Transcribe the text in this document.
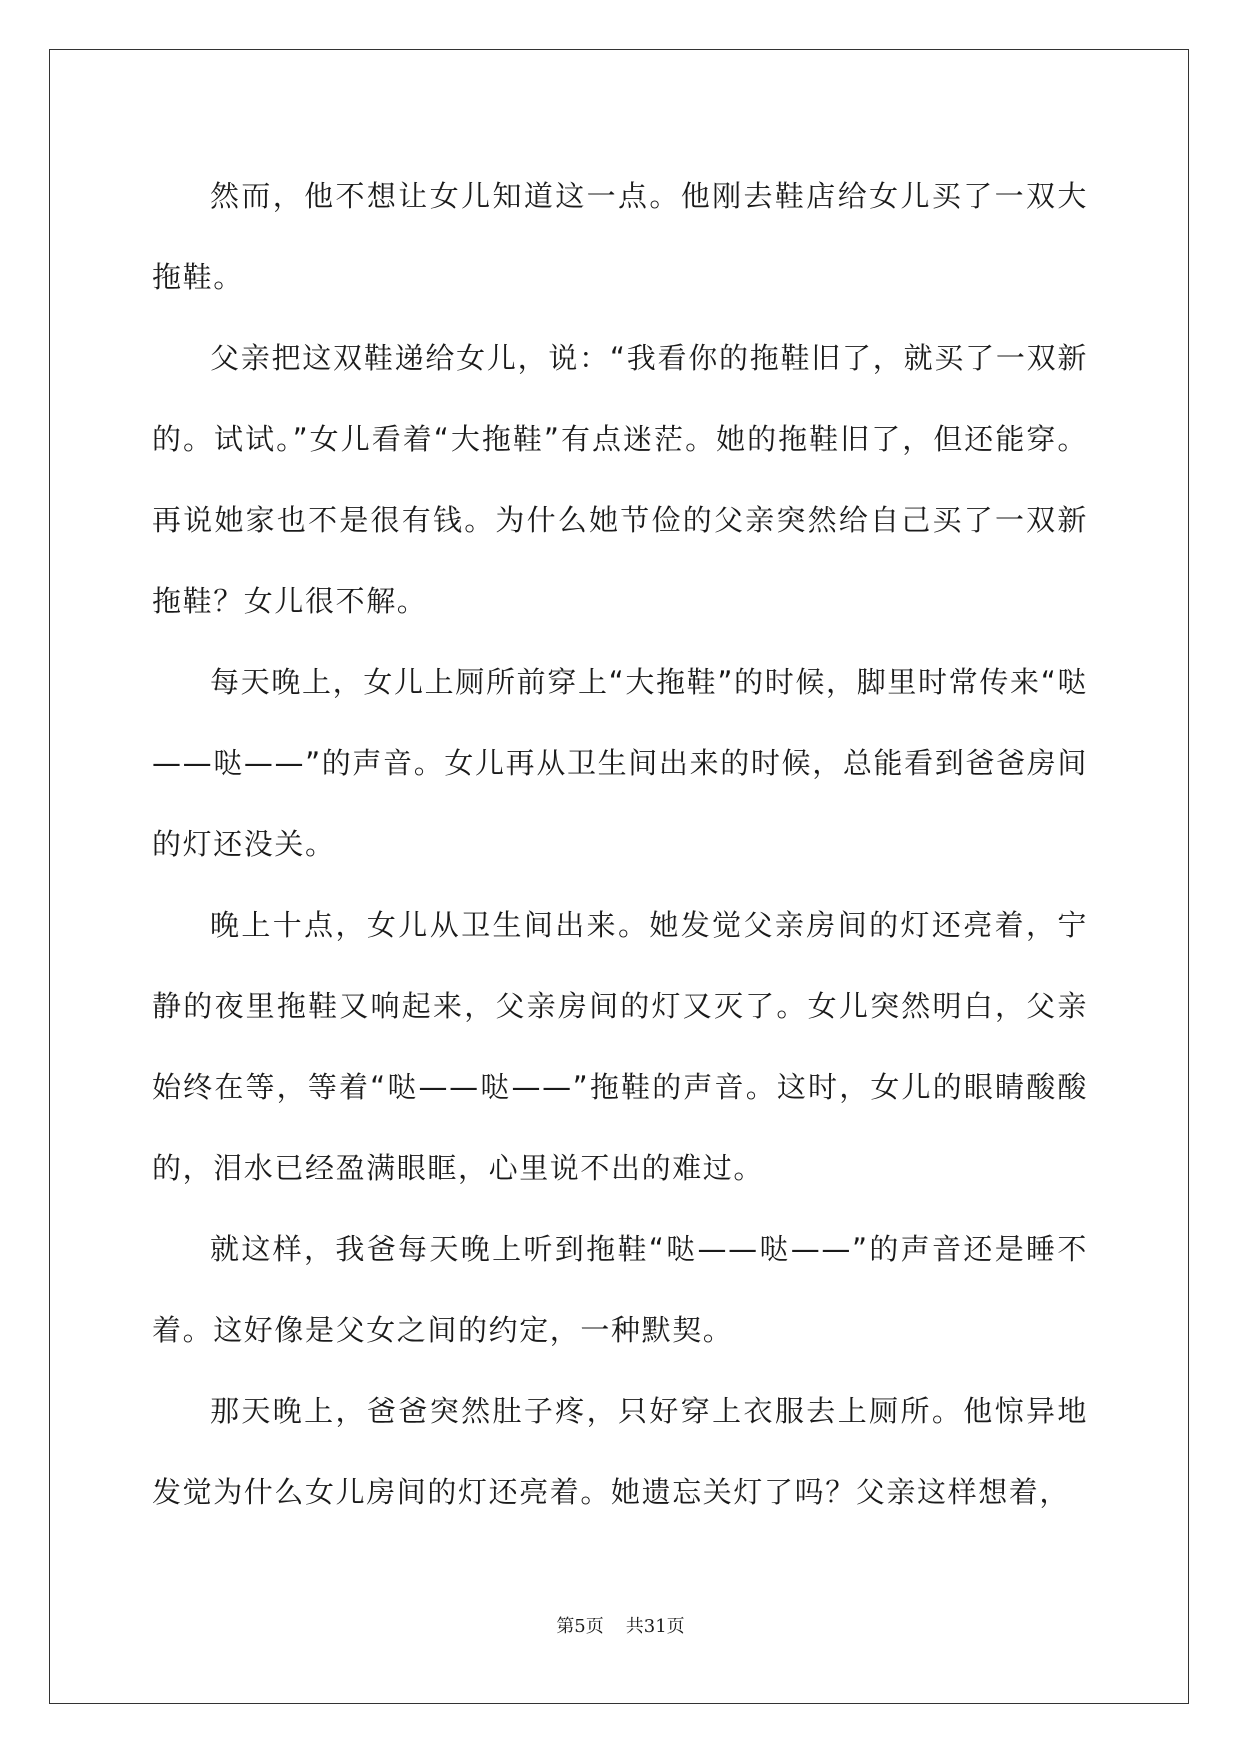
然而，他不想让女儿知道这一点。他刚去鞋店给女儿买了一双大拖鞋。

父亲把这双鞋递给女儿，说：“我看你的拖鞋旧了，就买了一双新的。试试。”女儿看着“大拖鞋”有点迷茫。她的拖鞋旧了，但还能穿。再说她家也不是很有钱。为什么她节俭的父亲突然给自己买了一双新拖鞋？女儿很不解。

每天晚上，女儿上厕所前穿上“大拖鞋”的时候，脚里时常传来“哒——哒——”的声音。女儿再从卫生间出来的时候，总能看到爸爸房间的灯还没关。

晚上十点，女儿从卫生间出来。她发觉父亲房间的灯还亮着，宁静的夜里拖鞋又响起来，父亲房间的灯又灭了。女儿突然明白，父亲始终在等，等着“哒——哒——”拖鞋的声音。这时，女儿的眼睛酸酸的，泪水已经盈满眼眶，心里说不出的难过。

就这样，我爸每天晚上听到拖鞋“哒——哒——”的声音还是睡不着。这好像是父女之间的约定，一种默契。

那天晚上，爸爸突然肚子疼，只好穿上衣服去上厕所。他惊异地发觉为什么女儿房间的灯还亮着。她遗忘关灯了吗？父亲这样想着，

第5页 共31页
